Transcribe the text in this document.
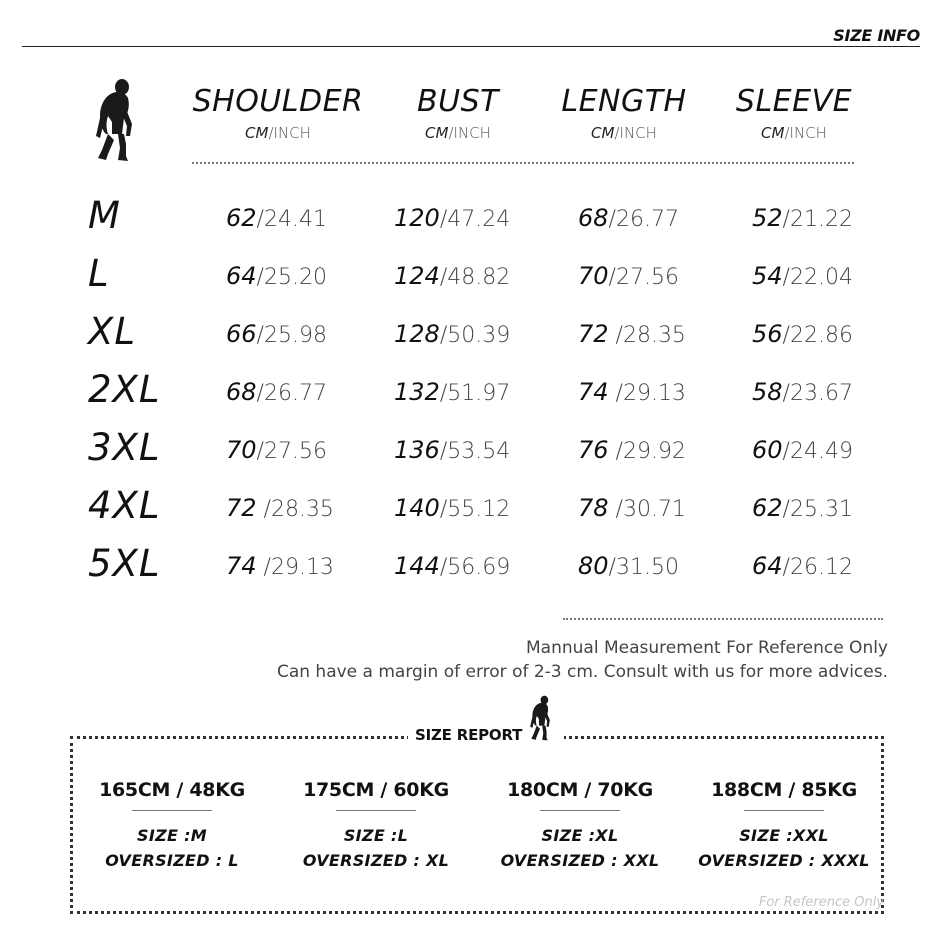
SIZE INFO
SHOULDER
CM/INCH
BUST
CM/INCH
LENGTH
CM/INCH
SLEEVE
CM/INCH
M	62/24.41	120/47.24	68/26.77	52/21.22
L	64/25.20	124/48.82	70/27.56	54/22.04
XL	66/25.98	128/50.39	72 /28.35	56/22.86
2XL	68/26.77	132/51.97	74 /29.13	58/23.67
3XL	70/27.56	136/53.54	76 /29.92	60/24.49
4XL	72 /28.35	140/55.12	78 /30.71	62/25.31
5XL	74 /29.13	144/56.69	80/31.50	64/26.12
Mannual Measurement For Reference Only
Can have a margin of error of 2-3 cm. Consult with us for more advices.
SIZE REPORT
165CM / 48KG
SIZE :M
OVERSIZED : L
175CM / 60KG
SIZE :L
OVERSIZED : XL
180CM / 70KG
SIZE :XL
OVERSIZED : XXL
188CM / 85KG
SIZE :XXL
OVERSIZED : XXXL
For Reference Only
